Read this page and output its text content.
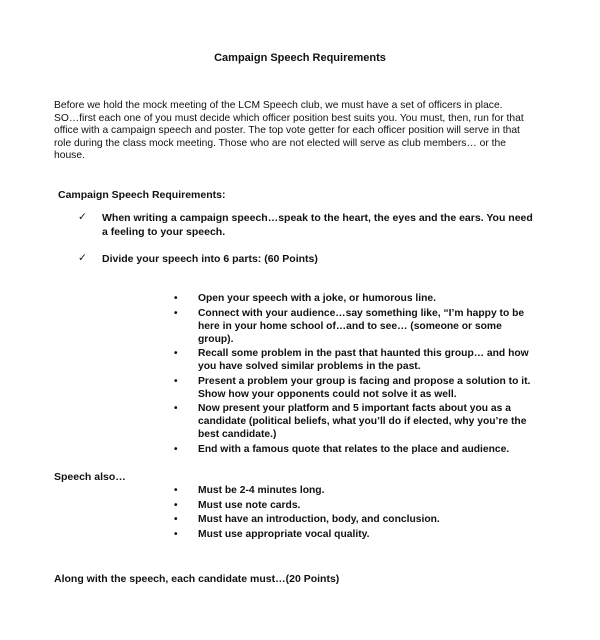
Campaign Speech Requirements
Before we hold the mock meeting of the LCM Speech club, we must have a set of officers in place.
SO…first each one of you must decide which officer position best suits you. You must, then, run for that
office with a campaign speech and poster. The top vote getter for each officer position will serve in that
role during the class mock meeting. Those who are not elected will serve as club members… or the
house.
Campaign Speech Requirements:
✓ When writing a campaign speech…speak to the heart, the eyes and the ears. You need
a feeling to your speech.
✓ Divide your speech into 6 parts: (60 Points)
• Open your speech with a joke, or humorous line.
• Connect with your audience…say something like, “I’m happy to be
here in your home school of…and to see… (someone or some
group).
• Recall some problem in the past that haunted this group… and how
you have solved similar problems in the past.
• Present a problem your group is facing and propose a solution to it.
Show how your opponents could not solve it as well.
• Now present your platform and 5 important facts about you as a
candidate (political beliefs, what you’ll do if elected, why you’re the
best candidate.)
• End with a famous quote that relates to the place and audience.
Speech also…
• Must be 2-4 minutes long.
• Must use note cards.
• Must have an introduction, body, and conclusion.
• Must use appropriate vocal quality.
Along with the speech, each candidate must…(20 Points)
